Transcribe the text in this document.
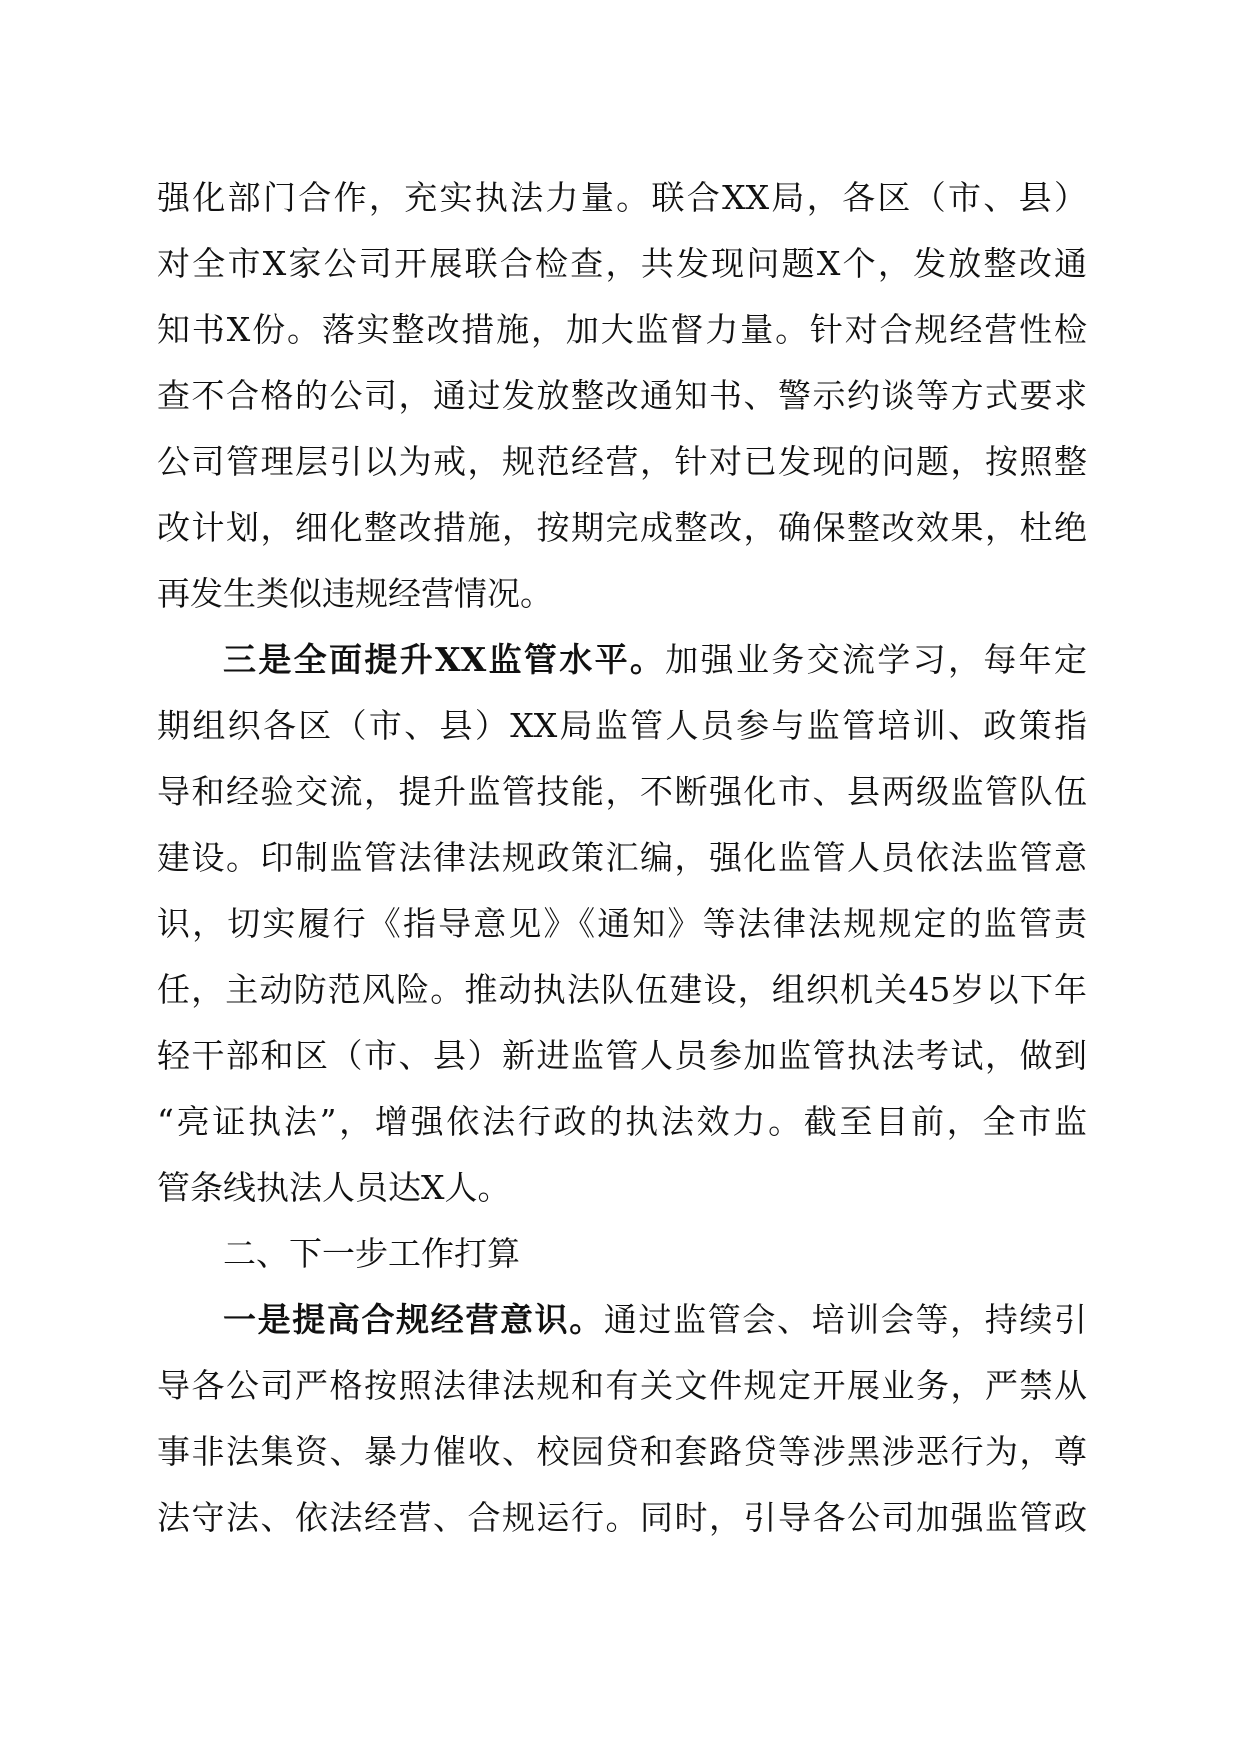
强化部门合作，充实执法力量。联合XX局，各区（市、县）
对全市X家公司开展联合检查，共发现问题X个，发放整改通
知书X份。落实整改措施，加大监督力量。针对合规经营性检
查不合格的公司，通过发放整改通知书、警示约谈等方式要求
公司管理层引以为戒，规范经营，针对已发现的问题，按照整
改计划，细化整改措施，按期完成整改，确保整改效果，杜绝
再发生类似违规经营情况。
三是全面提升XX监管水平。加强业务交流学习，每年定
期组织各区（市、县）XX局监管人员参与监管培训、政策指
导和经验交流，提升监管技能，不断强化市、县两级监管队伍
建设。印制监管法律法规政策汇编，强化监管人员依法监管意
识，切实履行《指导意见》《通知》等法律法规规定的监管责
任，主动防范风险。推动执法队伍建设，组织机关45岁以下年
轻干部和区（市、县）新进监管人员参加监管执法考试，做到
“亮证执法”，增强依法行政的执法效力。截至目前，全市监
管条线执法人员达X人。
二、下一步工作打算
一是提高合规经营意识。通过监管会、培训会等，持续引
导各公司严格按照法律法规和有关文件规定开展业务，严禁从
事非法集资、暴力催收、校园贷和套路贷等涉黑涉恶行为，尊
法守法、依法经营、合规运行。同时，引导各公司加强监管政
